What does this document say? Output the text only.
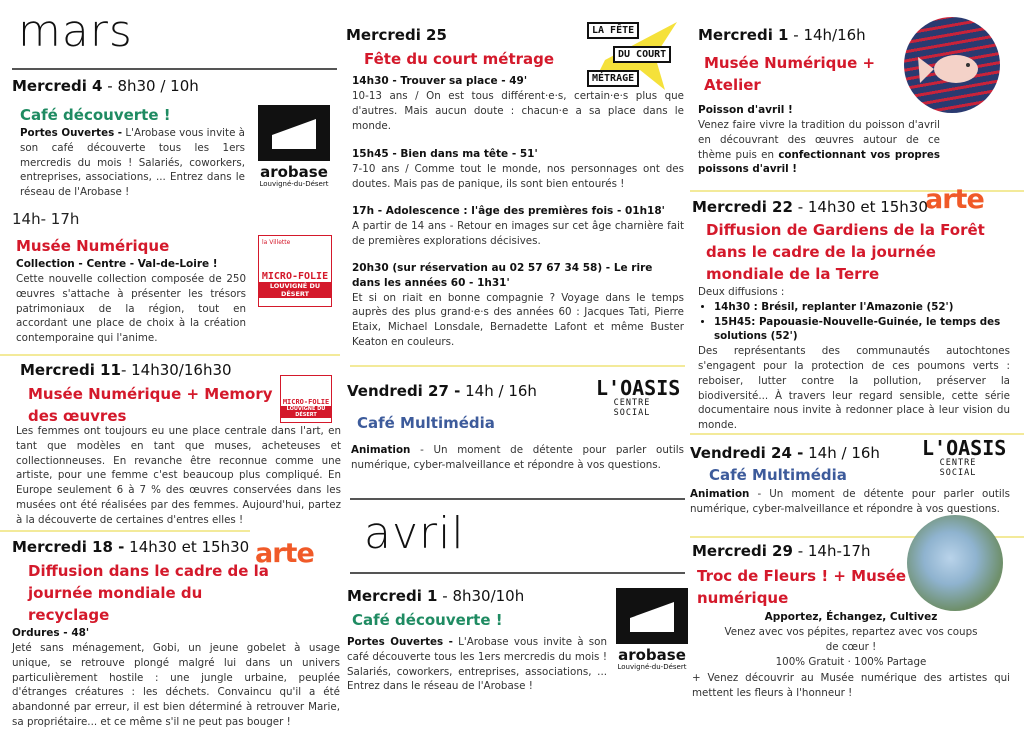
mars
Mercredi 4 - 8h30 / 10h
Café découverte !
Portes Ouvertes - L'Arobase vous invite à son café découverte tous les 1ers mercredis du mois ! Salariés, coworkers, entreprises, associations, ... Entrez dans le réseau de l'Arobase !
arobase
Louvigné-du-Désert
14h- 17h
Musée Numérique
Collection - Centre - Val-de-Loire !
Cette nouvelle collection composée de 250 œuvres s'attache à présenter les trésors patrimoniaux de la région, tout en accordant une place de choix à la création contemporaine qui l'anime.
la Villette
MICRO-FOLIE
LOUVIGNÉ DU DÉSERT
Mercredi 11- 14h30/16h30
Musée Numérique + Memory des œuvres
MICRO-FOLIE
LOUVIGNÉ DU DÉSERT
Les femmes ont toujours eu une place centrale dans l'art, en tant que modèles en tant que muses, acheteuses et collectionneuses. En revanche être reconnue comme une artiste, pour une femme c'est beaucoup plus compliqué. En Europe seulement 6 à 7 % des œuvres conservées dans les musées ont été réalisées par des femmes. Aujourd'hui, partez à la découverte de certaines d'entres elles !
Mercredi 18 - 14h30 et 15h30 arte
Diffusion dans le cadre de la journée mondiale du recyclage
Ordures - 48'
Jeté sans ménagement, Gobi, un jeune gobelet à usage unique, se retrouve plongé malgré lui dans un univers particulièrement hostile : une jungle urbaine, peuplée d'étranges créatures : les déchets. Convaincu qu'il a été abandonné par erreur, il est bien déterminé à retrouver Marie, sa propriétaire... et ce même s'il ne peut pas bouger !
Mercredi 25
Fête du court métrage
LA FÊTE
DU COURT
MÉTRAGE
14h30 - Trouver sa place - 49'
10-13 ans / On est tous différent·e·s, certain·e·s plus que d'autres. Mais aucun doute : chacun·e a sa place dans le monde.
15h45 - Bien dans ma tête - 51'
7-10 ans / Comme tout le monde, nos personnages ont des doutes. Mais pas de panique, ils sont bien entourés !
17h - Adolescence : l'âge des premières fois - 01h18'
A partir de 14 ans - Retour en images sur cet âge charnière fait de premières explorations décisives.
20h30 (sur réservation au 02 57 67 34 58) - Le rire dans les années 60 - 1h31'
Et si on riait en bonne compagnie ? Voyage dans le temps auprès des plus grand·e·s des années 60 : Jacques Tati, Pierre Etaix, Michael Lonsdale, Bernadette Lafont et même Buster Keaton en couleurs.
Vendredi 27 - 14h / 16h	L'OASIS
CENTRE SOCIAL
Café Multimédia
Animation - Un moment de détente pour parler outils numérique, cyber-malveillance et répondre à vos questions.
avril
Mercredi 1 - 8h30/10h
Café découverte !
Portes Ouvertes - L'Arobase vous invite à son café découverte tous les 1ers mercredis du mois ! Salariés, coworkers, entreprises, associations, ... Entrez dans le réseau de l'Arobase !
arobase
Louvigné-du-Désert
Mercredi 1 - 14h/16h
Musée Numérique + Atelier
Poisson d'avril !
Venez faire vivre la tradition du poisson d'avril en découvrant des œuvres autour de ce thème puis en confectionnant vos propres poissons d'avril !
arte
Mercredi 22 - 14h30 et 15h30
Diffusion de Gardiens de la Forêt dans le cadre de la journée mondiale de la Terre
Deux diffusions :
• 14h30 : Brésil, replanter l'Amazonie (52')
• 15H45: Papouasie-Nouvelle-Guinée, le temps des solutions (52')
Des représentants des communautés autochtones s'engagent pour la protection de ces poumons verts : reboiser, lutter contre la pollution, préserver la biodiversité... À travers leur regard sensible, cette série documentaire nous invite à redonner place à leur vision du monde.
Vendredi 24 - 14h / 16h L'OASIS
CENTRE SOCIAL
Café Multimédia
Animation - Un moment de détente pour parler outils numérique, cyber-malveillance et répondre à vos questions.
Mercredi 29 - 14h-17h
Troc de Fleurs ! + Musée numérique
Apportez, Échangez, Cultivez
Venez avec vos pépites, repartez avec vos coups de cœur !
100% Gratuit · 100% Partage
+ Venez découvrir au Musée numérique des artistes qui mettent les fleurs à l'honneur !
